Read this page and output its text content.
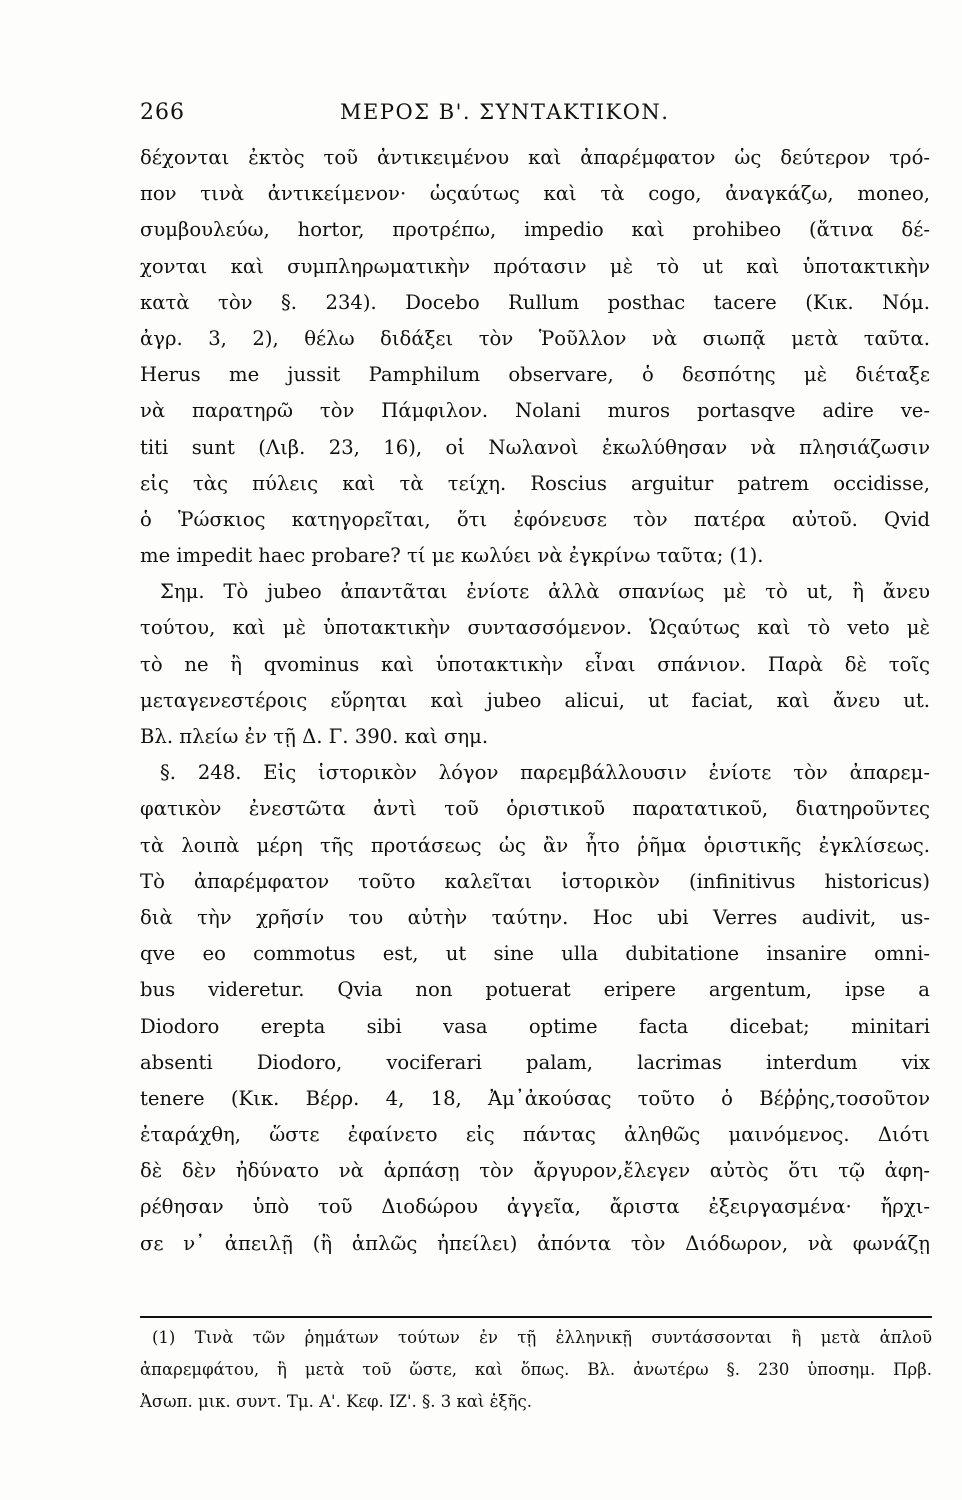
266	ΜΕΡΟΣ Β'. ΣΥΝΤΑΚΤΙΚΟΝ.
δέχονται ἐκτὸς τοῦ ἀντικειμένου καὶ ἀπαρέμφατον ὡς δεύτερον τρό-
πον τινὰ ἀντικείμενον· ὡςαύτως καὶ τὰ cogo, ἀναγκάζω, moneo,
συμβουλεύω, hortor, προτρέπω, impedio καὶ prohibeo (ἅτινα δέ-
χονται καὶ συμπληρωματικὴν πρότασιν μὲ τὸ ut καὶ ὑποτακτικὴν
κατὰ τὸν §. 234). Docebo Rullum posthac tacere (Κικ. Νόμ.
ἀγρ. 3, 2), θέλω διδάξει τὸν Ῥοῦλλον νὰ σιωπᾷ μετὰ ταῦτα.
Herus me jussit Pamphilum observare, ὁ δεσπότης μὲ διέταξε
νὰ παρατηρῶ τὸν Πάμφιλον. Nolani muros portasqve adire ve-
titi sunt (Λιβ. 23, 16), οἱ Νωλανοὶ ἐκωλύθησαν νὰ πλησιάζωσιν
εἰς τὰς πύλεις καὶ τὰ τείχη. Roscius arguitur patrem occidisse,
ὁ Ῥώσκιος κατηγορεῖται, ὅτι ἐφόνευσε τὸν πατέρα αὐτοῦ. Qvid
me impedit haec probare? τί με κωλύει νὰ ἐγκρίνω ταῦτα; (1).
Σημ. Τὸ jubeo ἀπαντᾶται ἐνίοτε ἀλλὰ σπανίως μὲ τὸ ut, ἢ ἄνευ
τούτου, καὶ μὲ ὑποτακτικὴν συντασσόμενον. Ὡςαύτως καὶ τὸ veto μὲ
τὸ ne ἢ qvominus καὶ ὑποτακτικὴν εἶναι σπάνιον. Παρὰ δὲ τοῖς
μεταγενεστέροις εὕρηται καὶ jubeo alicui, ut faciat, καὶ ἄνευ ut.
Βλ. πλείω ἐν τῇ Δ. Γ. 390. καὶ σημ.
§. 248. Εἰς ἱστορικὸν λόγον παρεμβάλλουσιν ἐνίοτε τὸν ἀπαρεμ-
φατικὸν ἐνεστῶτα ἀντὶ τοῦ ὁριστικοῦ παρατατικοῦ, διατηροῦντες
τὰ λοιπὰ μέρη τῆς προτάσεως ὡς ἂν ἦτο ῥῆμα ὁριστικῆς ἐγκλίσεως.
Τὸ ἀπαρέμφατον τοῦτο καλεῖται ἱστορικὸν (infinitivus historicus)
διὰ τὴν χρῆσίν του αὐτὴν ταύτην. Hoc ubi Verres audivit, us-
qve eo commotus est, ut sine ulla dubitatione insanire omni-
bus videretur. Qvia non potuerat eripere argentum, ipse a
Diodoro erepta sibi vasa optime facta dicebat; minitari
absenti Diodoro, vociferari palam, lacrimas interdum vix
tenere (Κικ. Βέρρ. 4, 18, Ἀμ᾽ἀκούσας τοῦτο ὁ Βέῤῥης,τοσοῦτον
ἐταράχθη, ὥστε ἐφαίνετο εἰς πάντας ἀληθῶς μαινόμενος. Διότι
δὲ δὲν ἠδύνατο νὰ ἁρπάσῃ τὸν ἄργυρον,ἔλεγεν αὐτὸς ὅτι τῷ ἀφη-
ρέθησαν ὑπὸ τοῦ Διοδώρου ἀγγεῖα, ἄριστα ἐξειργασμένα· ἤρχι-
σε ν᾽ ἀπειλῇ (ἢ ἁπλῶς ἠπείλει) ἀπόντα τὸν Διόδωρον, νὰ φωνάζῃ
(1) Τινὰ τῶν ῥημάτων τούτων ἐν τῇ ἑλληνικῇ συντάσσονται ἢ μετὰ ἁπλοῦ
ἀπαρεμφάτου, ἢ μετὰ τοῦ ὥστε, καὶ ὅπως. Βλ. ἀνωτέρω §. 230 ὑποσημ. Πρβ.
Ἀσωπ. μικ. συντ. Τμ. Α'. Κεφ. ΙΖ'. §. 3 καὶ ἑξῆς.
